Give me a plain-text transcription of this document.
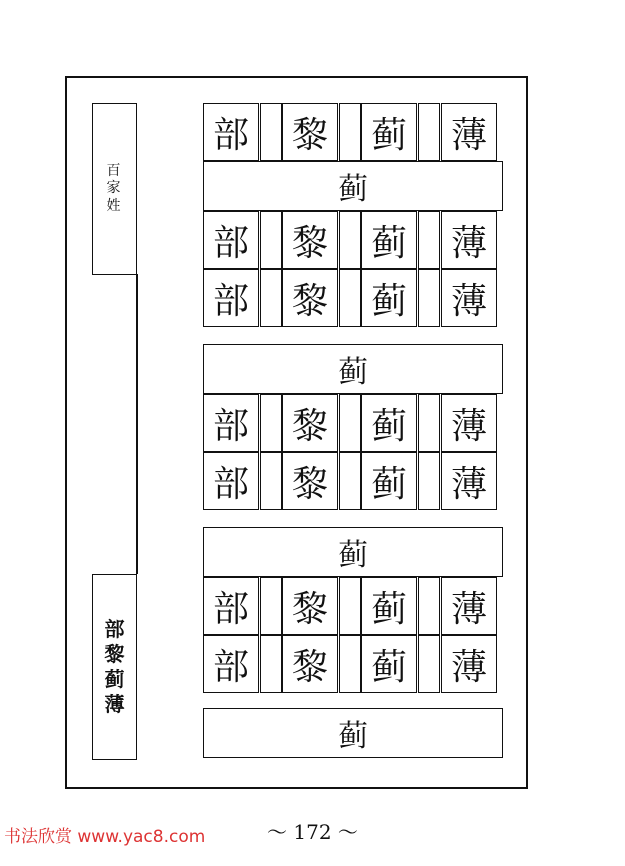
百
家
姓
部
黎
蓟
薄
部 黎 蓟 薄
蓟
部 黎 蓟 薄
部 黎 蓟 薄
蓟
部 黎 蓟 薄
部 黎 蓟 薄
蓟
部 黎 蓟 薄
部 黎 蓟 薄
蓟
～ 172 ～
书法欣赏 www.yac8.com
